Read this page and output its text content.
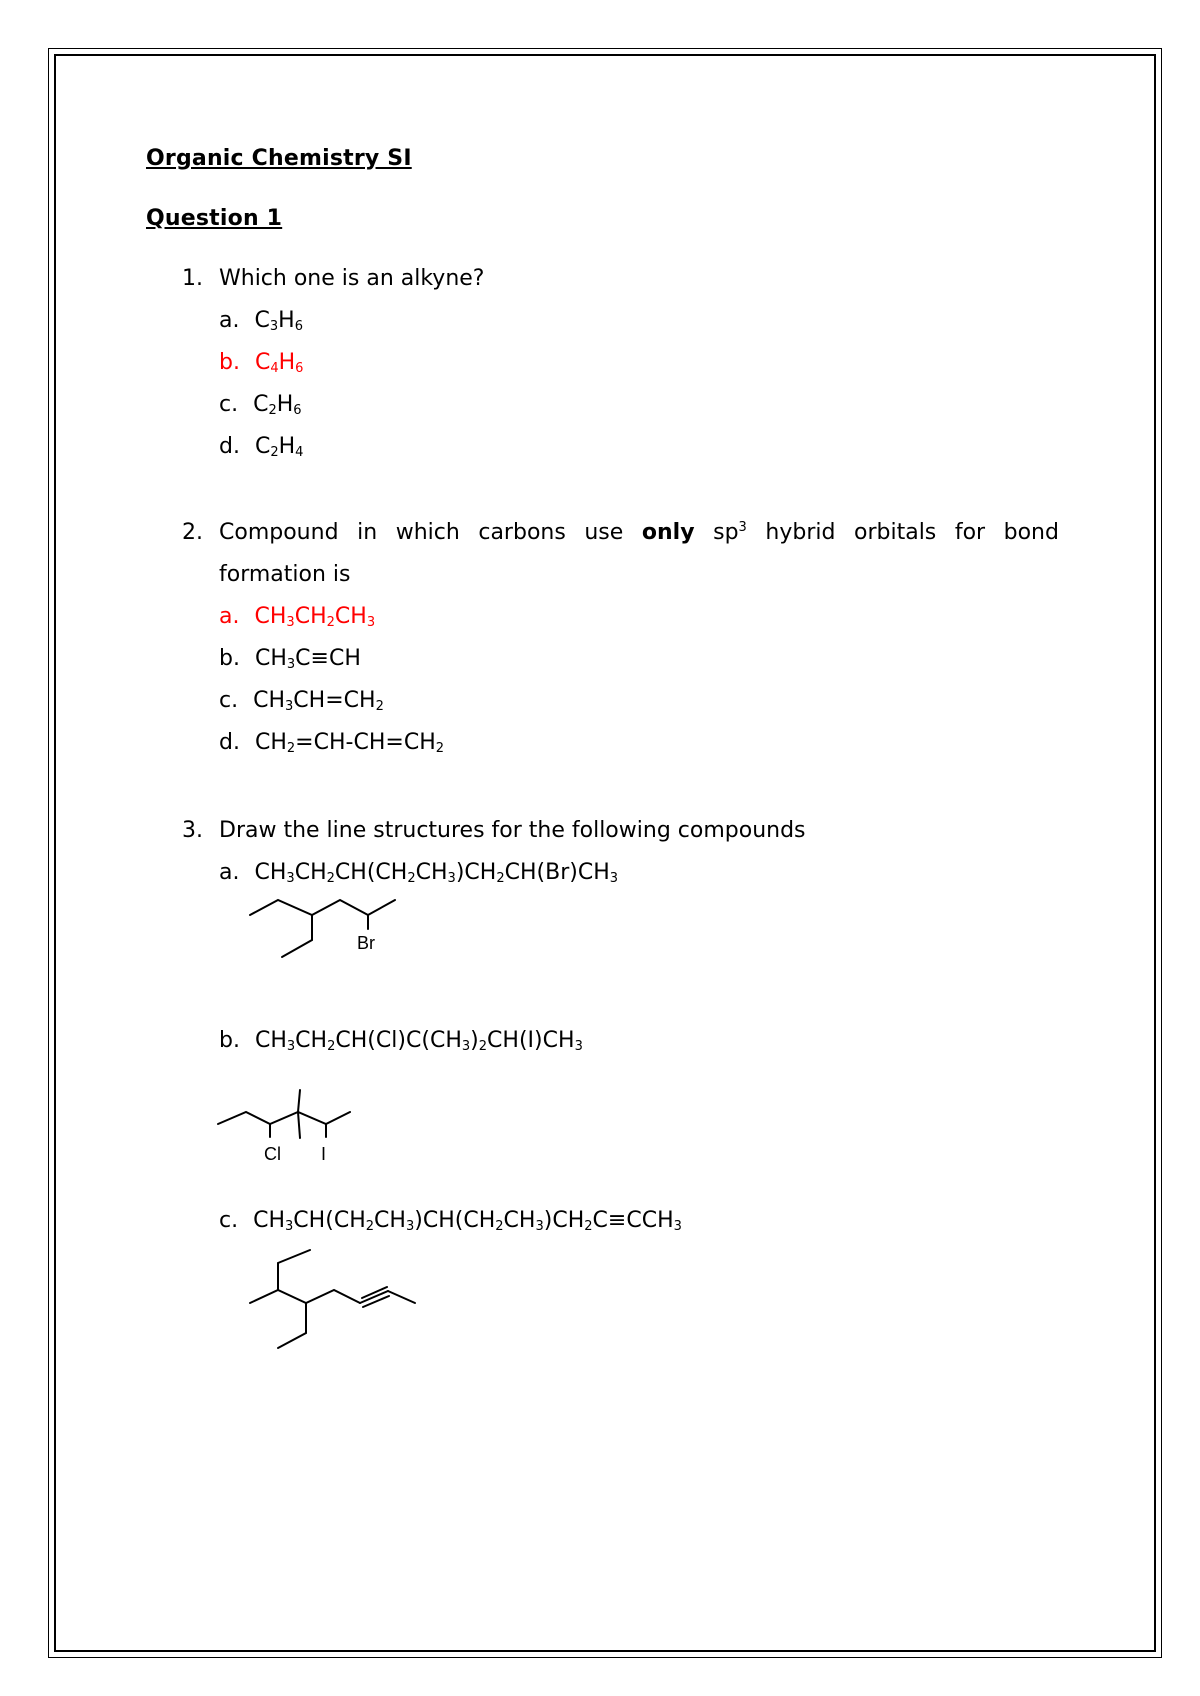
Organic Chemistry SI
Question 1
1. Which one is an alkyne?
a. $C_3H_6$
b. $C_4H_6$
c. $C_2H_6$
d. $C_2H_4$
2. Compound in which carbons use only $sp^3$ hybrid orbitals for bond
formation is
a. $CH_3CH_2CH_3$
b. $CH_3C\equiv CH$
c. $CH_3CH=CH_2$
d. $CH_2=CH-CH=CH_2$
3. Draw the line structures for the following compounds
a. $CH_3CH_2CH(CH_2CH_3)CH_2CH(Br)CH_3$
Br
b. $CH_3CH_2CH(Cl)C(CH_3)_2CH(I)CH_3$
Cl I
c. $CH_3CH(CH_2CH_3)CH(CH_2CH_3)CH_2C\equiv CCH_3$
